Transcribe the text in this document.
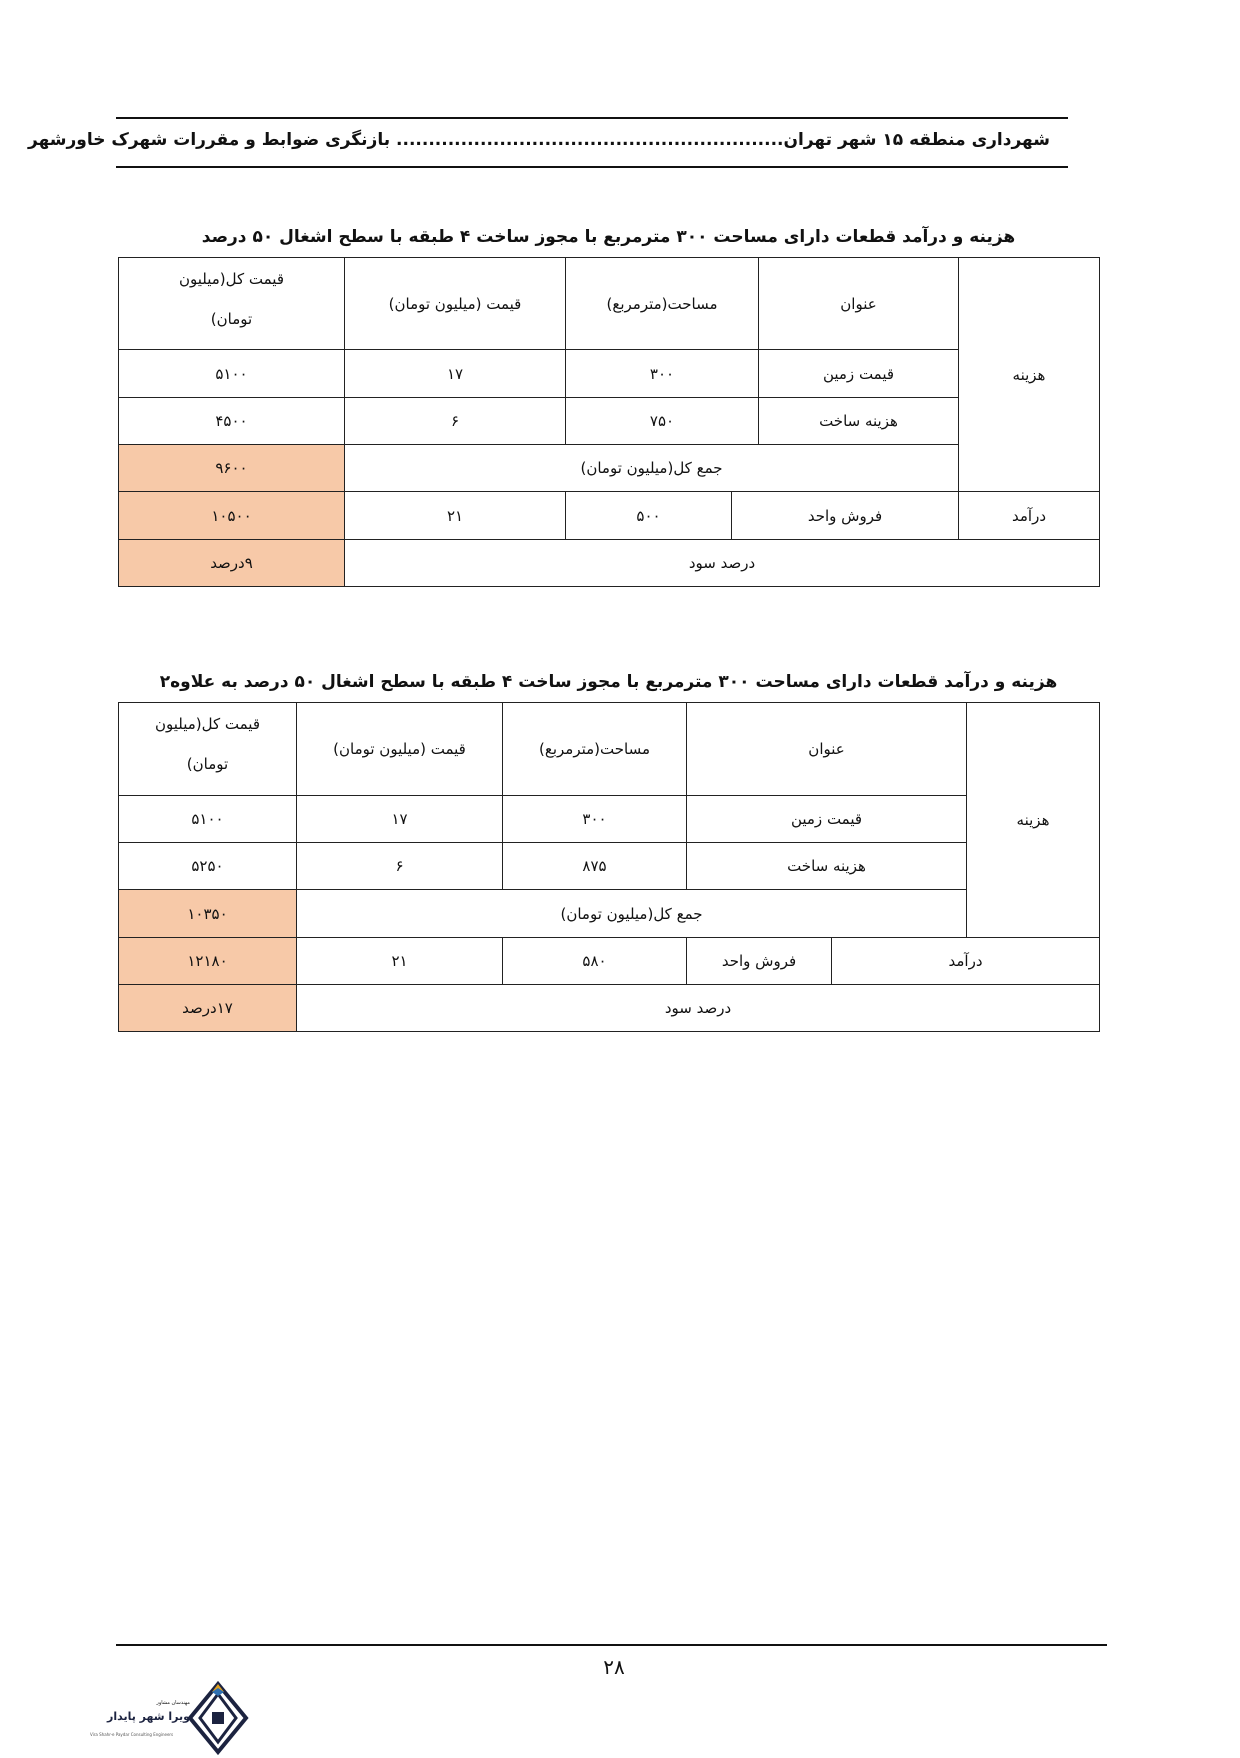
شهرداری منطقه ۱۵ شهر تهران............................................................ بازنگری ضوابط و مقررات شهرک خاورشهر
هزینه و درآمد قطعات دارای مساحت ۳۰۰ مترمربع با مجوز ساخت ۴ طبقه با سطح اشغال ۵۰ درصد
هزینه	عنوان	مساحت(مترمربع)		قیمت (میلیون تومان)	قیمت کل(میلیون
تومان)

	قیمت زمین	۳۰۰		۱۷	۵۱۰۰
	هزینه ساخت	۷۵۰		۶	۴۵۰۰
	جمع کل(میلیون تومان)				۹۶۰۰
درآمد	فروش واحد		۵۰۰	۲۱	۱۰۵۰۰
درصد سود					۹درصد
هزینه و درآمد قطعات دارای مساحت ۳۰۰ مترمربع با مجوز ساخت ۴ طبقه با سطح اشغال ۵۰ درصد به علاوه۲
هزینه	عنوان		مساحت(مترمربع)	قیمت (میلیون تومان)	قیمت کل(میلیون
تومان)

	قیمت زمین		۳۰۰	۱۷	۵۱۰۰
	هزینه ساخت		۸۷۵	۶	۵۲۵۰
	جمع کل(میلیون تومان)				۱۰۳۵۰
درآمد		فروش واحد	۵۸۰	۲۱	۱۲۱۸۰
درصد سود					۱۷درصد
۲۸
مهندسان مشاور
ویرا شهر پایدار
Vira Shahr-e Paydar Consulting Engineers
